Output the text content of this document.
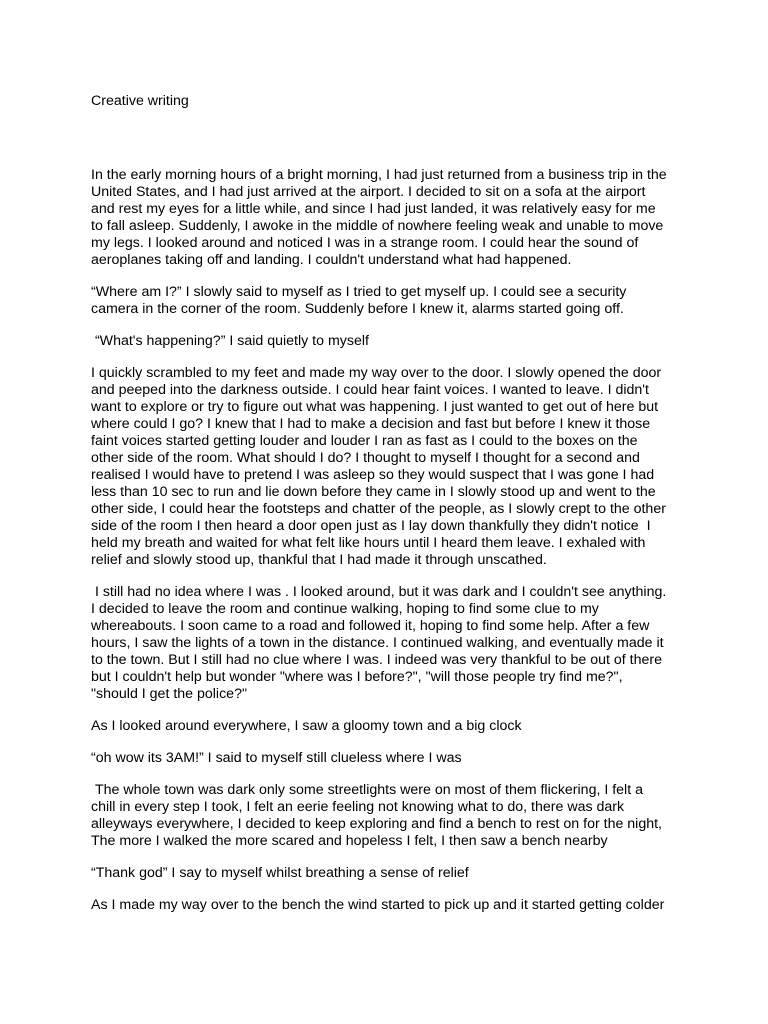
Creative writing

In the early morning hours of a bright morning, I had just returned from a business trip in the
United States, and I had just arrived at the airport. I decided to sit on a sofa at the airport
and rest my eyes for a little while, and since I had just landed, it was relatively easy for me
to fall asleep. Suddenly, I awoke in the middle of nowhere feeling weak and unable to move
my legs. I looked around and noticed I was in a strange room. I could hear the sound of
aeroplanes taking off and landing. I couldn't understand what had happened.

“Where am I?” I slowly said to myself as I tried to get myself up. I could see a security
camera in the corner of the room. Suddenly before I knew it, alarms started going off.

“What's happening?” I said quietly to myself

I quickly scrambled to my feet and made my way over to the door. I slowly opened the door
and peeped into the darkness outside. I could hear faint voices. I wanted to leave. I didn't
want to explore or try to figure out what was happening. I just wanted to get out of here but
where could I go? I knew that I had to make a decision and fast but before I knew it those
faint voices started getting louder and louder I ran as fast as I could to the boxes on the
other side of the room. What should I do? I thought to myself I thought for a second and
realised I would have to pretend I was asleep so they would suspect that I was gone I had
less than 10 sec to run and lie down before they came in I slowly stood up and went to the
other side, I could hear the footsteps and chatter of the people, as I slowly crept to the other
side of the room I then heard a door open just as I lay down thankfully they didn't notice  I
held my breath and waited for what felt like hours until I heard them leave. I exhaled with
relief and slowly stood up, thankful that I had made it through unscathed.

I still had no idea where I was . I looked around, but it was dark and I couldn't see anything.
I decided to leave the room and continue walking, hoping to find some clue to my
whereabouts. I soon came to a road and followed it, hoping to find some help. After a few
hours, I saw the lights of a town in the distance. I continued walking, and eventually made it
to the town. But I still had no clue where I was. I indeed was very thankful to be out of there
but I couldn't help but wonder "where was I before?", "will those people try find me?",
"should I get the police?"

As I looked around everywhere, I saw a gloomy town and a big clock

“oh wow its 3AM!” I said to myself still clueless where I was

The whole town was dark only some streetlights were on most of them flickering, I felt a
chill in every step I took, I felt an eerie feeling not knowing what to do, there was dark
alleyways everywhere, I decided to keep exploring and find a bench to rest on for the night,
The more I walked the more scared and hopeless I felt, I then saw a bench nearby

“Thank god” I say to myself whilst breathing a sense of relief

As I made my way over to the bench the wind started to pick up and it started getting colder
